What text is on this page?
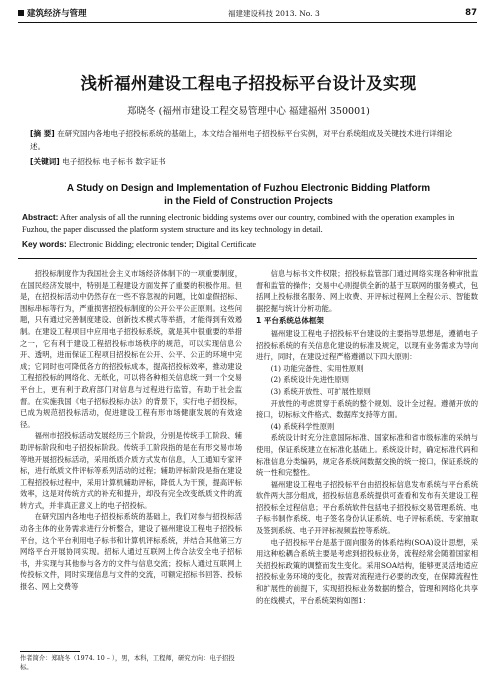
建筑经济与管理	福建建设科技 2013. No. 3	87
浅析福州建设工程电子招投标平台设计及实现
郑晓冬 (福州市建设工程交易管理中心 福建福州 350001)
[摘 要] 在研究国内各地电子招投标系统的基础上，本文结合福州电子招投标平台实例，对平台系统组成及关键技术进行详细论述。
[关键词] 电子招投标 电子标书 数字证书
A Study on Design and Implementation of Fuzhou Electronic Bidding Platform
in the Field of Construction Projects
Abstract: After analysis of all the running electronic bidding systems over our country, combined with the operation examples in Fuzhou, the paper discussed the platform system structure and its key technology in detail.
Key words: Electronic Bidding; electronic tender; Digital Certificate

招投标制度作为我国社会主义市场经济体制下的一项重要制度，在国民经济发展中，特别是工程建设方面发挥了重要的积极作用。但是，在招投标活动中仍然存在一些不容忽视的问题，比如虚假招标、围标串标等行为，严重损害招投标制度的公开公平公正原则。这些问题，只有通过完善制度建设、创新技术模式等举措，才能得到有效遏制。在建设工程项目中应用电子招投标系统，就是其中很重要的举措之一，它有利于建设工程招投标市场秩序的规范，可以实现信息公开、透明，进而保证工程项目招投标在公开、公平、公正的环境中完成；它同时也可降低各方的招投标成本，提高招投标效率，推动建设工程招投标的网络化、无纸化，可以将各种相关信息统一到一个交易平台上，更有利于政府部门对信息与过程进行监管，有助于社会监督。在实施我国《电子招标投标办法》的背景下，实行电子招投标，已成为规范招投标活动，促进建设工程有形市场健康发展的有效途径。

福州市招投标活动发展经历三个阶段，分别是传统手工阶段、辅助评标阶段和电子招投标阶段。传统手工阶段指的是在有形交易市场等地开展招投标活动，采用纸质介质方式发布信息，人工通知专家评标，进行纸质文件评标等系列活动的过程；辅助评标阶段是指在建设工程招投标过程中，采用计算机辅助评标，降低人为干预，提高评标效率，这是对传统方式的补充和提升，却没有完全改变纸质文件的流转方式，并非真正意义上的电子招投标。

在研究国内各地电子招投标系统的基础上，我们对参与招投标活动各主体的业务需求进行分析整合，建设了福州建设工程电子招投标平台，这个平台利用电子标书和计算机评标系统，并结合其他第三方网络平台开展协同实现。招标人通过互联网上传合法安全电子招标书，并实现与其他参与各方的文件与信息交流；投标人通过互联网上传投标文件，同时实现信息与文件的交流，可额定招标书回答、投标报名、网上交费等

信息与标书文件权限；招投标监管部门通过网络实现各种审批监督和监管的操作；交易中心则提供全新的基于互联网的服务模式，包括网上投标报名服务、网上收费、开评标过程网上全程公示、智能数据挖掘与统计分析功能。

1 平台系统总体框架

福州建设工程电子招投标平台建设的主要指导思想是，遵循电子招投标系统的有关信息化建设的标准及规定，以现有业务需求为导向进行，同时，在建设过程严格遵循以下四大原则：

(1) 功能完备性、实用性原则

(2) 系统设计先进性原则

(3) 系统开放性、可扩展性原则

开放性的考虑贯穿于系统的整个规划、设计全过程。遵循开放的接口，切标标文件格式、数据库支持等方面。

(4) 系统科学性原则

系统设计时充分注意国际标准、国家标准和省市级标准的采纳与使用，保证系统建立在标准化基础上。系统设计时，确定标准代码和标准信息分类编码，规定各系统间数据交换的统一接口，保证系统的统一性和完整性。

福州建设工程电子招投标平台由招投标信息发布系统与平台系统软件两大部分组成，招投标信息系统提供可查看和发布有关建设工程招投标全过程信息；平台系统软件包括电子招投标交易管理系统、电子标书制作系统、电子签名身份认证系统、电子评标系统、专家抽取及签到系统、电子开评标视频监控等系统。

电子招投标平台是基于面向服务的体系结构(SOA)设计思想，采用这种松耦合系统主要是考虑到招投标业务，流程经常会随着国家相关招投标政策的调整而发生变化。采用SOA结构，能够更灵活地适应招投标业务环境的变化，按需对流程进行必要的改变，在保障流程性和扩展性的前提下，实现招投标业务数据的整合，管理和网络化共享的在线模式，平台系统架构如图1：

作者简介：郑晓冬（1974. 10 – ），男，本科，工程师，研究方向：电子招投标。
